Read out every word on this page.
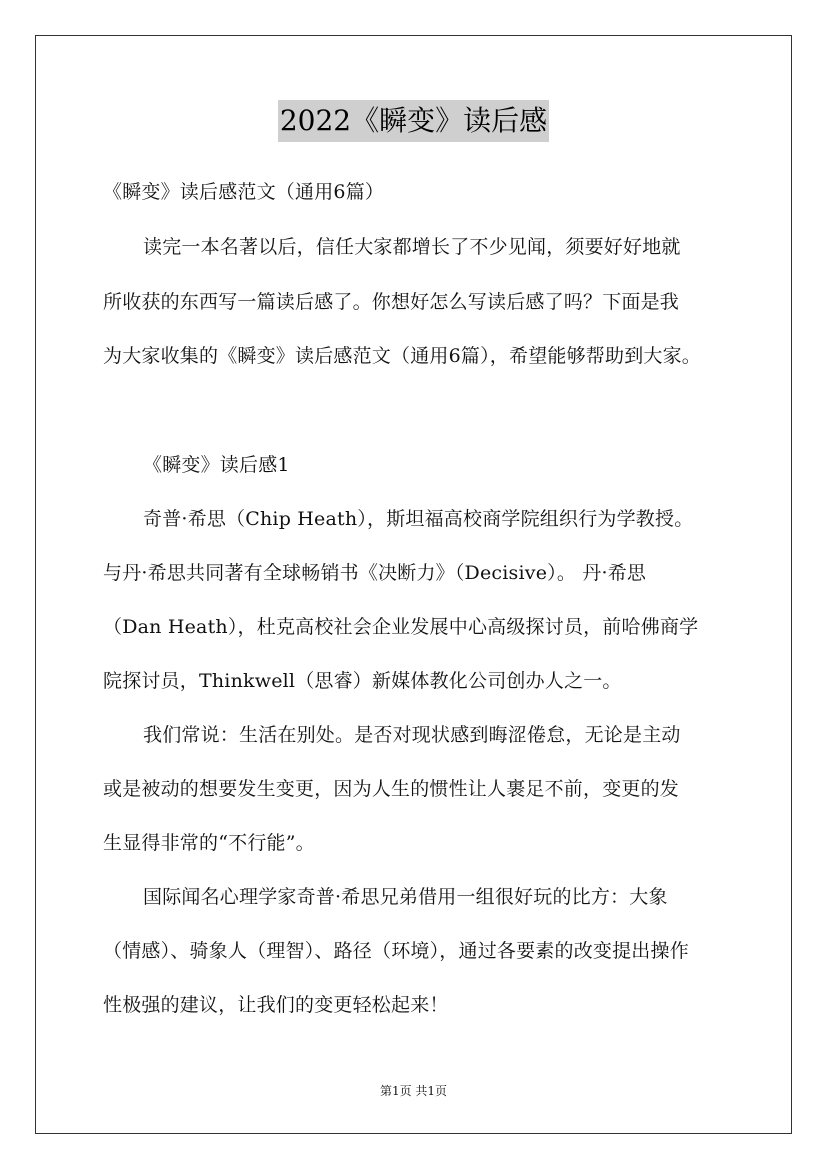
2022《瞬变》读后感
《瞬变》读后感范文（通用6篇）
读完一本名著以后，信任大家都增长了不少见闻，须要好好地就
所收获的东西写一篇读后感了。你想好怎么写读后感了吗？下面是我
为大家收集的《瞬变》读后感范文（通用6篇），希望能够帮助到大家。
《瞬变》读后感1
奇普·希思（Chip Heath），斯坦福高校商学院组织行为学教授。
与丹·希思共同著有全球畅销书《决断力》（Decisive）。 丹·希思
（Dan Heath），杜克高校社会企业发展中心高级探讨员，前哈佛商学
院探讨员，Thinkwell（思睿）新媒体教化公司创办人之一。
我们常说：生活在别处。是否对现状感到晦涩倦怠，无论是主动
或是被动的想要发生变更，因为人生的惯性让人裹足不前，变更的发
生显得非常的“不行能”。
国际闻名心理学家奇普·希思兄弟借用一组很好玩的比方：大象
（情感）、骑象人（理智）、路径（环境），通过各要素的改变提出操作
性极强的建议，让我们的变更轻松起来！
第1页 共1页
